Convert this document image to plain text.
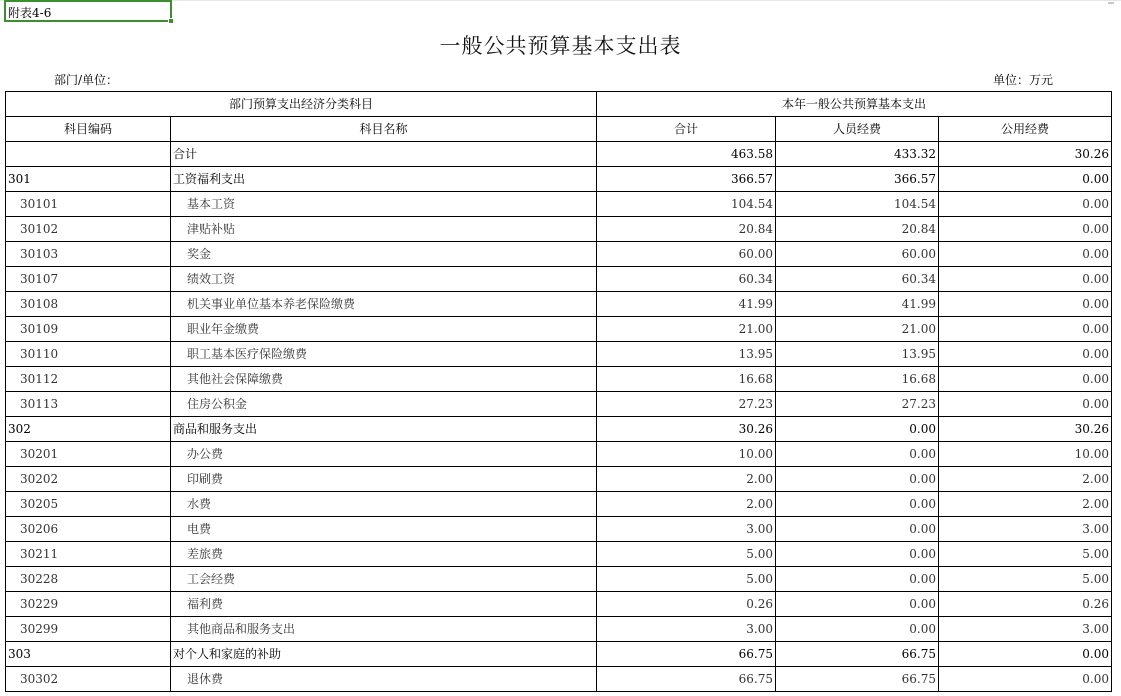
附表4-6
一般公共预算基本支出表
部门/单位：	单位：万元
部门预算支出经济分类科目		本年一般公共预算基本支出		
科目编码	科目名称	合计	人员经费	公用经费
	合计	463.58	433.32	30.26
301	工资福利支出	366.57	366.57	0.00
30101	基本工资	104.54	104.54	0.00
30102	津贴补贴	20.84	20.84	0.00
30103	奖金	60.00	60.00	0.00
30107	绩效工资	60.34	60.34	0.00
30108	机关事业单位基本养老保险缴费	41.99	41.99	0.00
30109	职业年金缴费	21.00	21.00	0.00
30110	职工基本医疗保险缴费	13.95	13.95	0.00
30112	其他社会保障缴费	16.68	16.68	0.00
30113	住房公积金	27.23	27.23	0.00
302	商品和服务支出	30.26	0.00	30.26
30201	办公费	10.00	0.00	10.00
30202	印刷费	2.00	0.00	2.00
30205	水费	2.00	0.00	2.00
30206	电费	3.00	0.00	3.00
30211	差旅费	5.00	0.00	5.00
30228	工会经费	5.00	0.00	5.00
30229	福利费	0.26	0.00	0.26
30299	其他商品和服务支出	3.00	0.00	3.00
303	对个人和家庭的补助	66.75	66.75	0.00
30302	退休费	66.75	66.75	0.00
